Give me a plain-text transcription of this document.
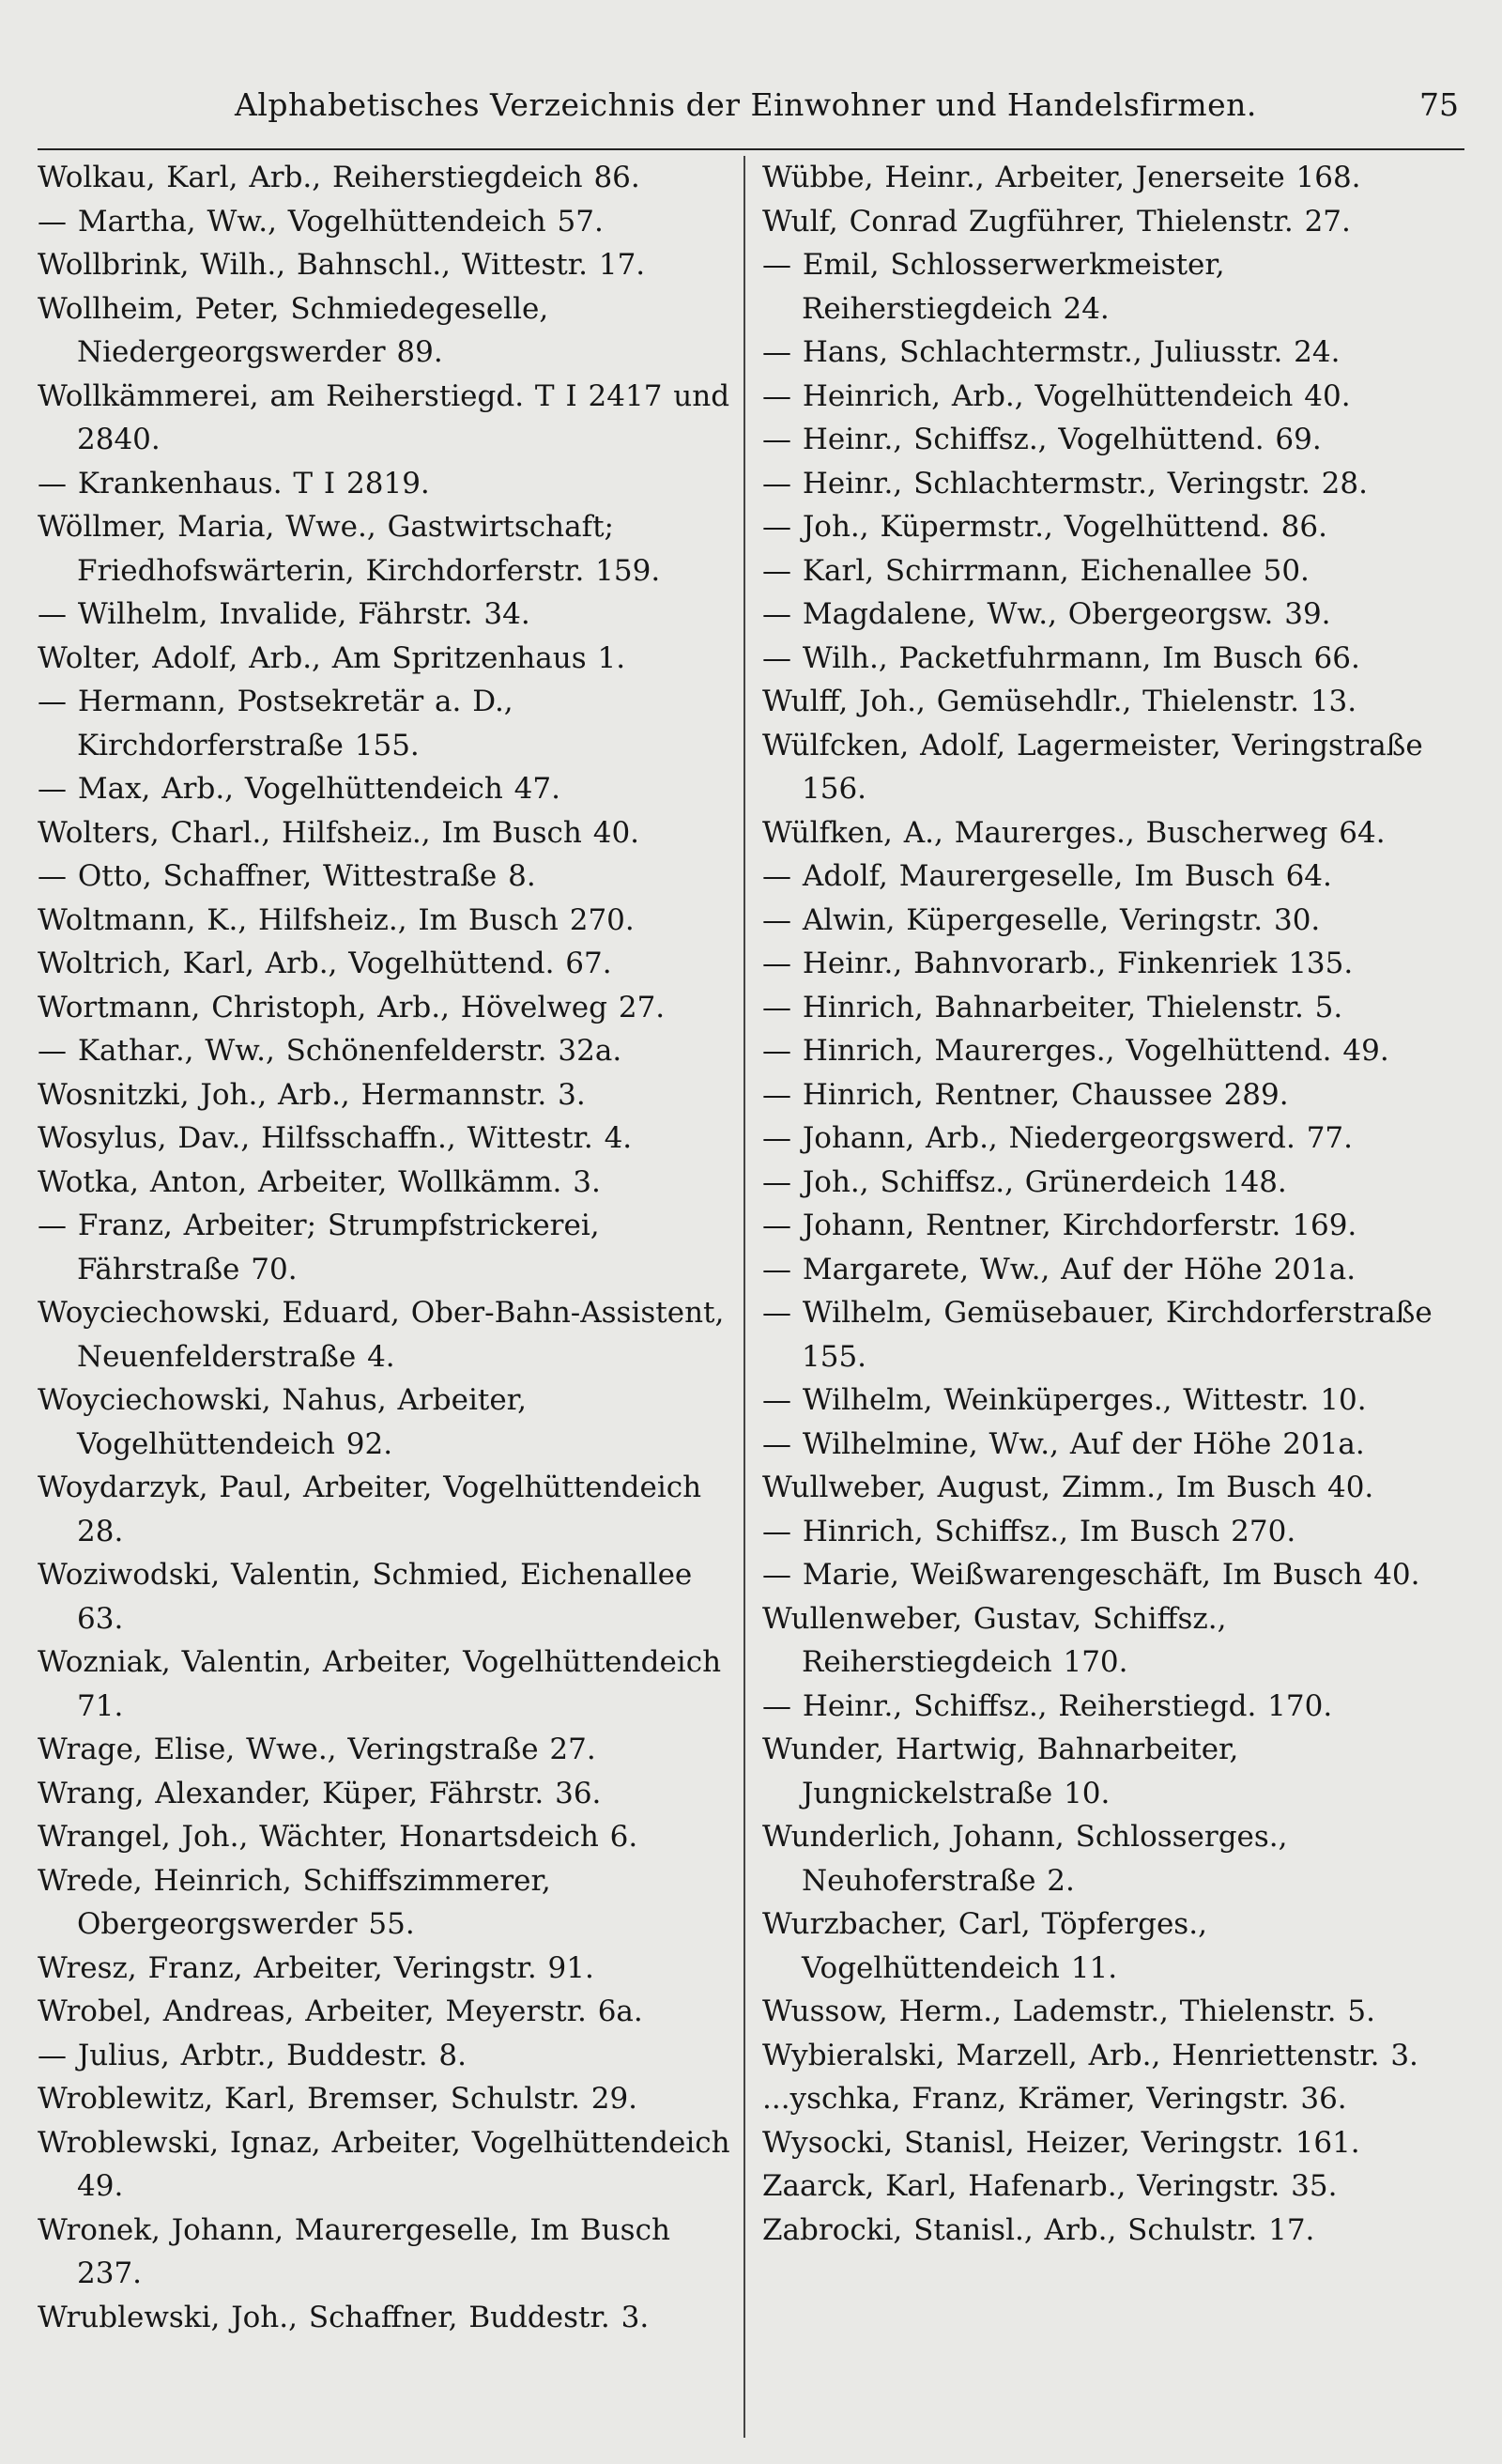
Alphabetisches Verzeichnis der Einwohner und Handelsfirmen.	75
Wolkau, Karl, Arb., Reiherstiegdeich 86.
— Martha, Ww., Vogelhüttendeich 57.
Wollbrink, Wilh., Bahnschl., Wittestr. 17.
Wollheim, Peter, Schmiedegeselle, Niedergeorgswerder 89.
Wollkämmerei, am Reiherstiegd. T I 2417 und 2840.
— Krankenhaus. T I 2819.
Wöllmer, Maria, Wwe., Gastwirtschaft; Friedhofswärterin, Kirchdorferstr. 159.
— Wilhelm, Invalide, Fährstr. 34.
Wolter, Adolf, Arb., Am Spritzenhaus 1.
— Hermann, Postsekretär a. D., Kirchdorferstraße 155.
— Max, Arb., Vogelhüttendeich 47.
Wolters, Charl., Hilfsheiz., Im Busch 40.
— Otto, Schaffner, Wittestraße 8.
Woltmann, K., Hilfsheiz., Im Busch 270.
Woltrich, Karl, Arb., Vogelhüttend. 67.
Wortmann, Christoph, Arb., Hövelweg 27.
— Kathar., Ww., Schönenfelderstr. 32a.
Wosnitzki, Joh., Arb., Hermannstr. 3.
Wosylus, Dav., Hilfsschaffn., Wittestr. 4.
Wotka, Anton, Arbeiter, Wollkämm. 3.
— Franz, Arbeiter; Strumpfstrickerei, Fährstraße 70.
Woyciechowski, Eduard, Ober-Bahn-Assistent, Neuenfelderstraße 4.
Woyciechowski, Nahus, Arbeiter, Vogelhüttendeich 92.
Woydarzyk, Paul, Arbeiter, Vogelhüttendeich 28.
Woziwodski, Valentin, Schmied, Eichenallee 63.
Wozniak, Valentin, Arbeiter, Vogelhüttendeich 71.
Wrage, Elise, Wwe., Veringstraße 27.
Wrang, Alexander, Küper, Fährstr. 36.
Wrangel, Joh., Wächter, Honartsdeich 6.
Wrede, Heinrich, Schiffszimmerer, Obergeorgswerder 55.
Wresz, Franz, Arbeiter, Veringstr. 91.
Wrobel, Andreas, Arbeiter, Meyerstr. 6a.
— Julius, Arbtr., Buddestr. 8.
Wroblewitz, Karl, Bremser, Schulstr. 29.
Wroblewski, Ignaz, Arbeiter, Vogelhüttendeich 49.
Wronek, Johann, Maurergeselle, Im Busch 237.
Wrublewski, Joh., Schaffner, Buddestr. 3.
Wübbe, Heinr., Arbeiter, Jenerseite 168.
Wulf, Conrad Zugführer, Thielenstr. 27.
— Emil, Schlosserwerkmeister, Reiherstiegdeich 24.
— Hans, Schlachtermstr., Juliusstr. 24.
— Heinrich, Arb., Vogelhüttendeich 40.
— Heinr., Schiffsz., Vogelhüttend. 69.
— Heinr., Schlachtermstr., Veringstr. 28.
— Joh., Küpermstr., Vogelhüttend. 86.
— Karl, Schirrmann, Eichenallee 50.
— Magdalene, Ww., Obergeorgsw. 39.
— Wilh., Packetfuhrmann, Im Busch 66.
Wulff, Joh., Gemüsehdlr., Thielenstr. 13.
Wülfcken, Adolf, Lagermeister, Veringstraße 156.
Wülfken, A., Maurerges., Buscherweg 64.
— Adolf, Maurergeselle, Im Busch 64.
— Alwin, Küpergeselle, Veringstr. 30.
— Heinr., Bahnvorarb., Finkenriek 135.
— Hinrich, Bahnarbeiter, Thielenstr. 5.
— Hinrich, Maurerges., Vogelhüttend. 49.
— Hinrich, Rentner, Chaussee 289.
— Johann, Arb., Niedergeorgswerd. 77.
— Joh., Schiffsz., Grünerdeich 148.
— Johann, Rentner, Kirchdorferstr. 169.
— Margarete, Ww., Auf der Höhe 201a.
— Wilhelm, Gemüsebauer, Kirchdorferstraße 155.
— Wilhelm, Weinküperges., Wittestr. 10.
— Wilhelmine, Ww., Auf der Höhe 201a.
Wullweber, August, Zimm., Im Busch 40.
— Hinrich, Schiffsz., Im Busch 270.
— Marie, Weißwarengeschäft, Im Busch 40.
Wullenweber, Gustav, Schiffsz., Reiherstiegdeich 170.
— Heinr., Schiffsz., Reiherstiegd. 170.
Wunder, Hartwig, Bahnarbeiter, Jungnickelstraße 10.
Wunderlich, Johann, Schlosserges., Neuhoferstraße 2.
Wurzbacher, Carl, Töpferges., Vogelhüttendeich 11.
Wussow, Herm., Lademstr., Thielenstr. 5.
Wybieralski, Marzell, Arb., Henriettenstr. 3.
...yschka, Franz, Krämer, Veringstr. 36.
Wysocki, Stanisl, Heizer, Veringstr. 161.
Zaarck, Karl, Hafenarb., Veringstr. 35.
Zabrocki, Stanisl., Arb., Schulstr. 17.
